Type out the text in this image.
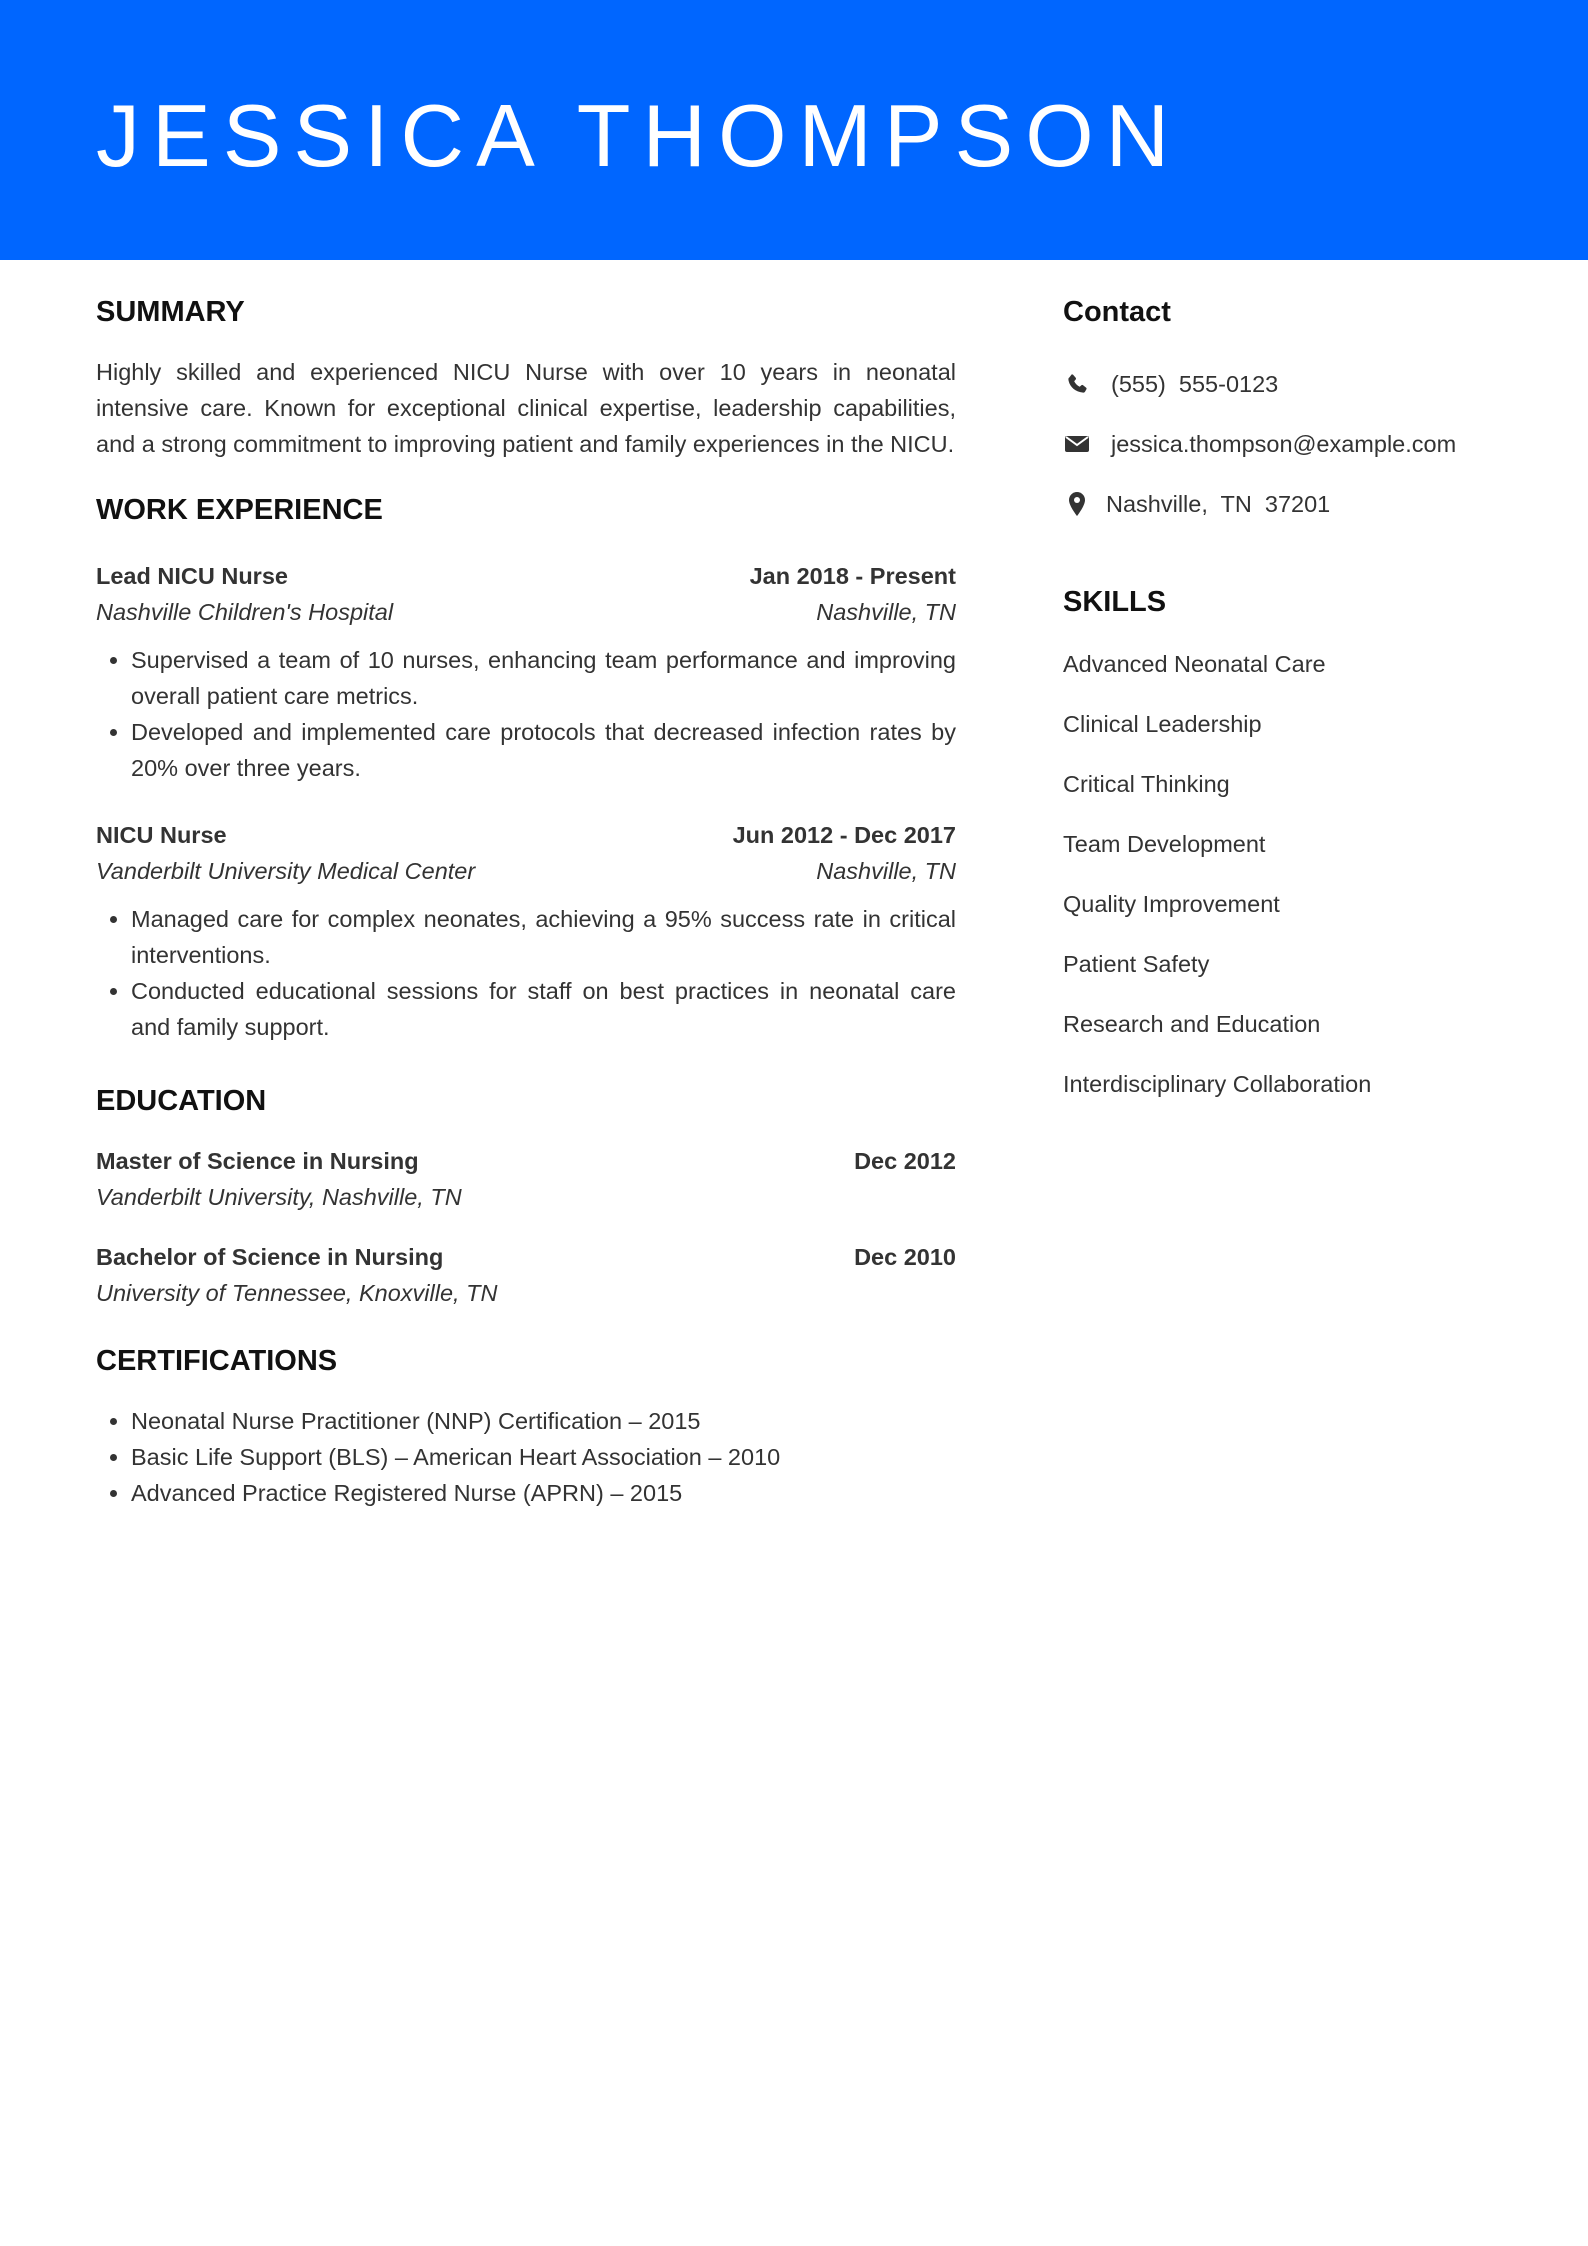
JESSICA THOMPSON
SUMMARY

Highly skilled and experienced NICU Nurse with over 10 years in neonatal intensive care. Known for exceptional clinical expertise, leadership capabilities, and a strong commitment to improving patient and family experiences in the NICU.

WORK EXPERIENCE
Lead NICU Nurse	Jan 2018 - Present
Nashville Children's Hospital	Nashville, TN
• Supervised a team of 10 nurses, enhancing team performance and improving overall patient care metrics.
• Developed and implemented care protocols that decreased infection rates by 20% over three years.
NICU Nurse	Jun 2012 - Dec 2017
Vanderbilt University Medical Center	Nashville, TN
• Managed care for complex neonates, achieving a 95% success rate in critical interventions.
• Conducted educational sessions for staff on best practices in neonatal care and family support.
EDUCATION
Master of Science in Nursing	Dec 2012
Vanderbilt University, Nashville, TN
Bachelor of Science in Nursing	Dec 2010
University of Tennessee, Knoxville, TN
CERTIFICATIONS
• Neonatal Nurse Practitioner (NNP) Certification – 2015
• Basic Life Support (BLS) – American Heart Association – 2010
• Advanced Practice Registered Nurse (APRN) – 2015
Contact
(555)  555-0123
jessica.thompson@example.com
Nashville,  TN  37201
SKILLS
Advanced Neonatal Care
Clinical Leadership
Critical Thinking
Team Development
Quality Improvement
Patient Safety
Research and Education
Interdisciplinary Collaboration
